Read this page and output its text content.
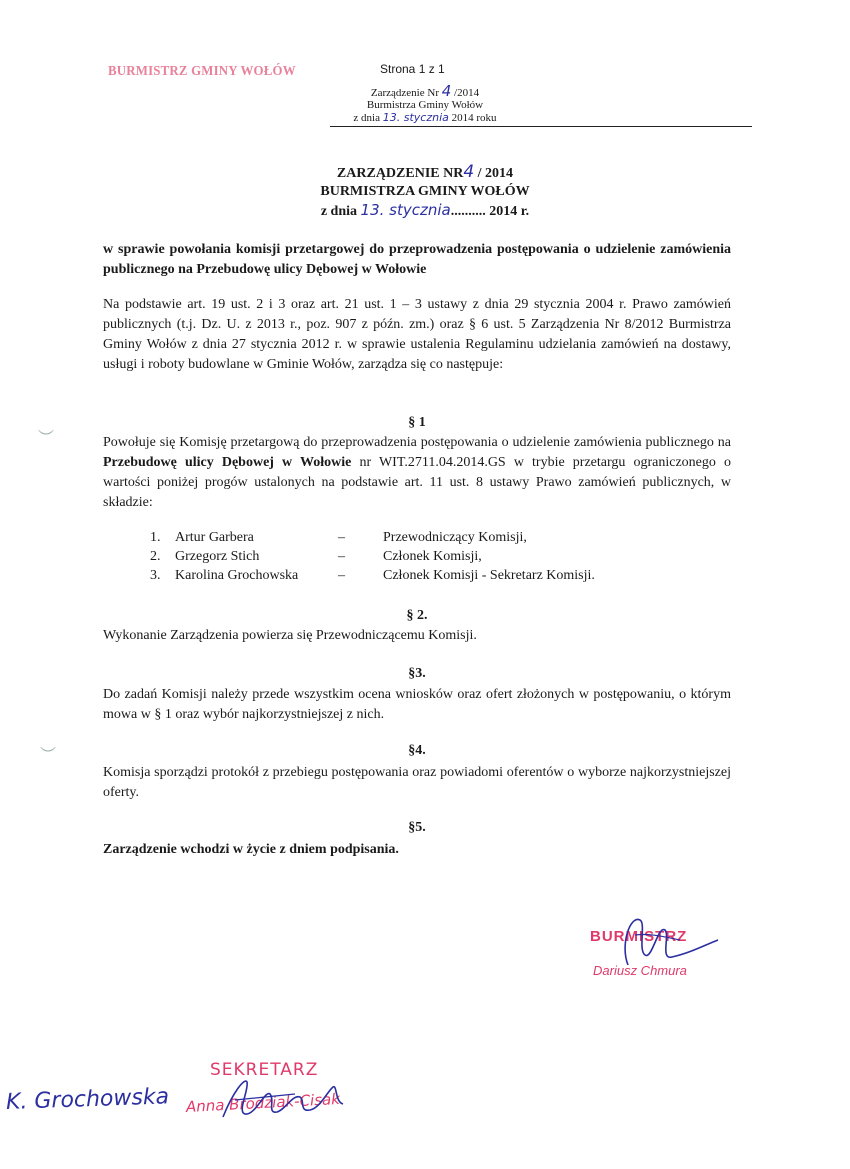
BURMISTRZ GMINY WOŁÓW	Strona 1 z 1
Zarządzenie Nr 4 /2014
Burmistrza Gminy Wołów
z dnia 13. stycznia 2014 roku
ZARZĄDZENIE NR4 / 2014
BURMISTRZA GMINY WOŁÓW
z dnia 13. stycznia.......... 2014 r.
w sprawie powołania komisji przetargowej do przeprowadzenia postępowania o udzielenie zamówienia publicznego na Przebudowę ulicy Dębowej w Wołowie
Na podstawie art. 19 ust. 2 i 3 oraz art. 21 ust. 1 – 3 ustawy z dnia 29 stycznia 2004 r. Prawo zamówień publicznych (t.j. Dz. U. z 2013 r., poz. 907 z późn. zm.) oraz § 6 ust. 5 Zarządzenia Nr 8/2012 Burmistrza Gminy Wołów z dnia 27 stycznia 2012 r. w sprawie ustalenia Regulaminu udzielania zamówień na dostawy, usługi i roboty budowlane w Gminie Wołów, zarządza się co następuje:
︶
︶
§ 1
Powołuje się Komisję przetargową do przeprowadzenia postępowania o udzielenie zamówienia publicznego na Przebudowę ulicy Dębowej w Wołowie nr WIT.2711.04.2014.GS w trybie przetargu ograniczonego o wartości poniżej progów ustalonych na podstawie art. 11 ust. 8 ustawy Prawo zamówień publicznych, w składzie:
1. Artur Garbera	–	Przewodniczący Komisji,
2. Grzegorz Stich	–	Członek Komisji,
3. Karolina Grochowska	–	Członek Komisji - Sekretarz Komisji.
§ 2.
Wykonanie Zarządzenia powierza się Przewodniczącemu Komisji.
§3.
Do zadań Komisji należy przede wszystkim ocena wniosków oraz ofert złożonych w postępowaniu, o którym mowa w § 1 oraz wybór najkorzystniejszej z nich.
§4.
Komisja sporządzi protokół z przebiegu postępowania oraz powiadomi oferentów o wyborze najkorzystniejszej oferty.
§5.
Zarządzenie wchodzi w życie z dniem podpisania.
BURMISTRZ
Dariusz Chmura
SEKRETARZ
Anna Brodziak-Cisak
K. Grochowska
